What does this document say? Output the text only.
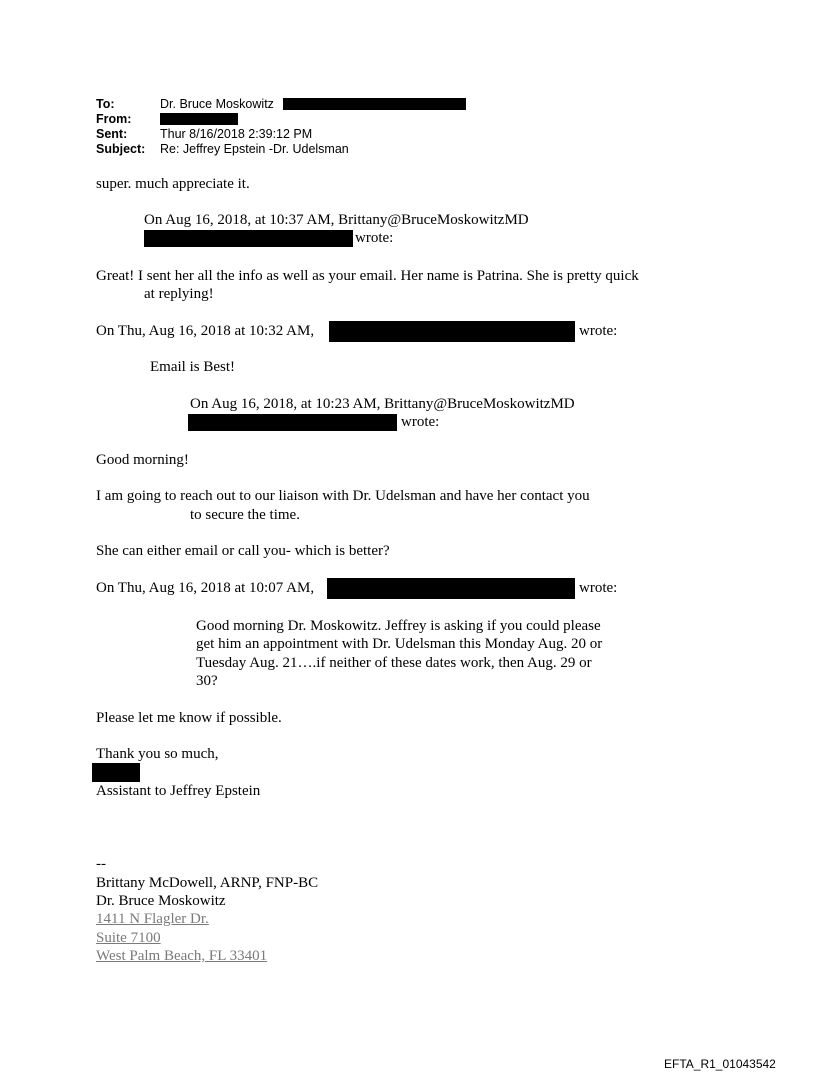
To:	Dr. Bruce Moskowitz
From:
Sent:	Thur 8/16/2018 2:39:12 PM
Subject: Re: Jeffrey Epstein -Dr. Udelsman
super. much appreciate it.
On Aug 16, 2018, at 10:37 AM, Brittany@BruceMoskowitzMD
wrote:
Great! I sent her all the info as well as your email. Her name is Patrina. She is pretty quick
at replying!
On Thu, Aug 16, 2018 at 10:32 AM,	wrote:
Email is Best!
On Aug 16, 2018, at 10:23 AM, Brittany@BruceMoskowitzMD
wrote:
Good morning!
I am going to reach out to our liaison with Dr. Udelsman and have her contact you
to secure the time.
She can either email or call you- which is better?
On Thu, Aug 16, 2018 at 10:07 AM,	wrote:
Good morning Dr. Moskowitz. Jeffrey is asking if you could please
get him an appointment with Dr. Udelsman this Monday Aug. 20 or
Tuesday Aug. 21….if neither of these dates work, then Aug. 29 or
30?
Please let me know if possible.
Thank you so much,
Assistant to Jeffrey Epstein
--
Brittany McDowell, ARNP, FNP-BC
Dr. Bruce Moskowitz
1411 N Flagler Dr.
Suite 7100
West Palm Beach, FL 33401
EFTA_R1_01043542
